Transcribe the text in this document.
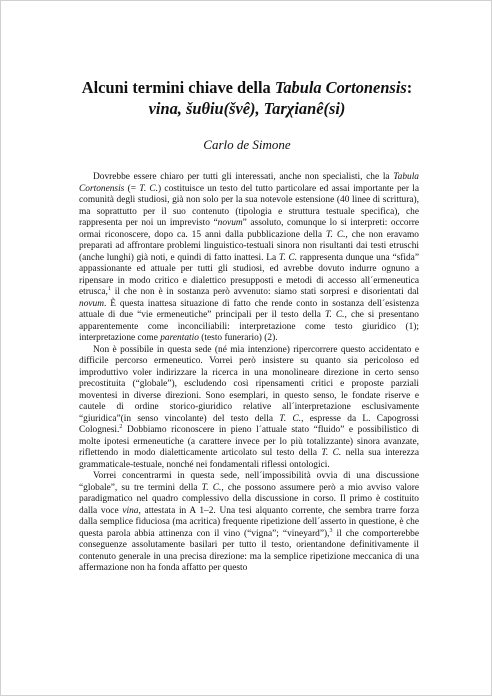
Alcuni termini chiave della Tabula Cortonensis:
vina, šuθiu(švê), Tarχianê(si)
Carlo de Simone

Dovrebbe essere chiaro per tutti gli interessati, anche non specialisti, che la Tabula Cortonensis (= T. C.) costituisce un testo del tutto particolare ed assai importante per la comunità degli studiosi, già non solo per la sua notevole estensione (40 linee di scrittura), ma soprattutto per il suo contenuto (tipologia e struttura testuale specifica), che rappresenta per noi un imprevisto “novum” assoluto, comunque lo si interpreti: occorre ormai riconoscere, dopo ca. 15 anni dalla pubblicazione della T. C., che non eravamo preparati ad affrontare problemi linguistico-testuali sinora non risultanti dai testi etruschi (anche lunghi) già noti, e quindi di fatto inattesi. La T. C. rappresenta dunque una “sfida” appassionante ed attuale per tutti gli studiosi, ed avrebbe dovuto indurre ognuno a ripensare in modo critico e dialettico presupposti e metodi di accesso all´ermeneutica etrusca,$^1$ il che non è in sostanza però avvenuto: siamo stati sorpresi e disorientati dal novum. È questa inattesa situazione di fatto che rende conto in sostanza dell´esistenza attuale di due “vie ermeneutiche” principali per il testo della T. C., che si presentano apparentemente come inconciliabili: interpretazione come testo giuridico (1); interpretazione come parentatio (testo funerario) (2).

Non è possibile in questa sede (né mia intenzione) ripercorrere questo accidentato e difficile percorso ermeneutico. Vorrei però insistere su quanto sia pericoloso ed improduttivo voler indirizzare la ricerca in una monolineare direzione in certo senso precostituita (“globale”), escludendo così ripensamenti critici e proposte parziali moventesi in diverse direzioni. Sono esemplari, in questo senso, le fondate riserve e cautele di ordine storico-giuridico relative all´interpretazione esclusivamente “giuridica”(in senso vincolante) del testo della T. C., espresse da L. Capogrossi Colognesi.$^2$ Dobbiamo riconoscere in pieno l´attuale stato “fluido” e possibilistico di molte ipotesi ermeneutiche (a carattere invece per lo più totalizzante) sinora avanzate, riflettendo in modo dialetticamente articolato sul testo della T. C. nella sua interezza grammaticale-testuale, nonché nei fondamentali riflessi ontologici.

Vorrei concentrarmi in questa sede, nell´impossibilità ovvia di una discussione “globale”, su tre termini della T. C., che possono assumere però a mio avviso valore paradigmatico nel quadro complessivo della discussione in corso. Il primo è costituito dalla voce vina, attestata in A 1–2. Una tesi alquanto corrente, che sembra trarre forza dalla semplice fiduciosa (ma acritica) frequente ripetizione dell´asserto in questione, è che questa parola abbia attinenza con il vino (“vigna”; “vineyard”),$^3$ il che comporterebbe conseguenze assolutamente basilari per tutto il testo, orientandone definitivamente il contenuto generale in una precisa direzione: ma la semplice ripetizione meccanica di una affermazione non ha fonda affatto per questo
